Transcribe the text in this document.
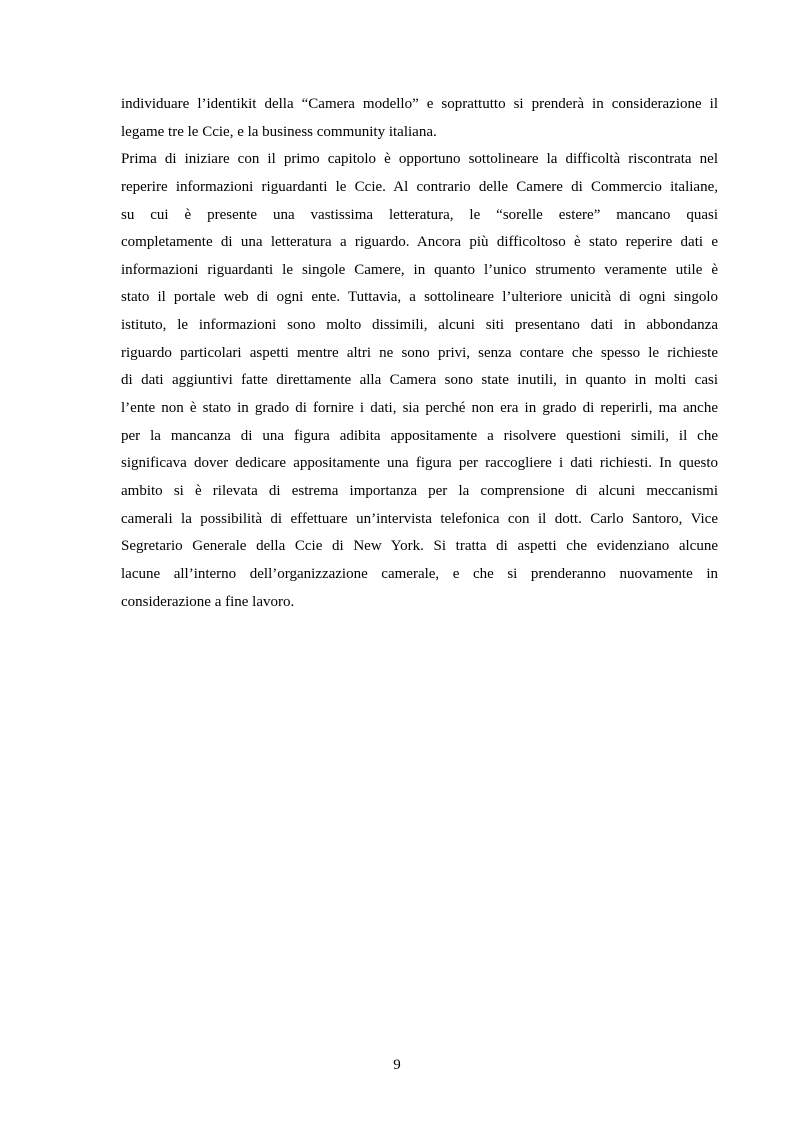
individuare l’identikit della “Camera modello” e soprattutto si prenderà in considerazione il
legame tre le Ccie, e la business community italiana.
Prima di iniziare con il primo capitolo è opportuno sottolineare la difficoltà riscontrata nel
reperire informazioni riguardanti le Ccie. Al contrario delle Camere di Commercio italiane,
su cui è presente una vastissima letteratura, le “sorelle estere” mancano quasi
completamente di una letteratura a riguardo. Ancora più difficoltoso è stato reperire dati e
informazioni riguardanti le singole Camere, in quanto l’unico strumento veramente utile è
stato il portale web di ogni ente. Tuttavia, a sottolineare l’ulteriore unicità di ogni singolo
istituto, le informazioni sono molto dissimili, alcuni siti presentano dati in abbondanza
riguardo particolari aspetti mentre altri ne sono privi, senza contare che spesso le richieste
di dati aggiuntivi fatte direttamente alla Camera sono state inutili, in quanto in molti casi
l’ente non è stato in grado di fornire i dati, sia perché non era in grado di reperirli, ma anche
per la mancanza di una figura adibita appositamente a risolvere questioni simili, il che
significava dover dedicare appositamente una figura per raccogliere i dati richiesti. In questo
ambito si è rilevata di estrema importanza per la comprensione di alcuni meccanismi
camerali la possibilità di effettuare un’intervista telefonica con il dott. Carlo Santoro, Vice
Segretario Generale della Ccie di New York. Si tratta di aspetti che evidenziano alcune
lacune all’interno dell’organizzazione camerale, e che si prenderanno nuovamente in
considerazione a fine lavoro.
9
